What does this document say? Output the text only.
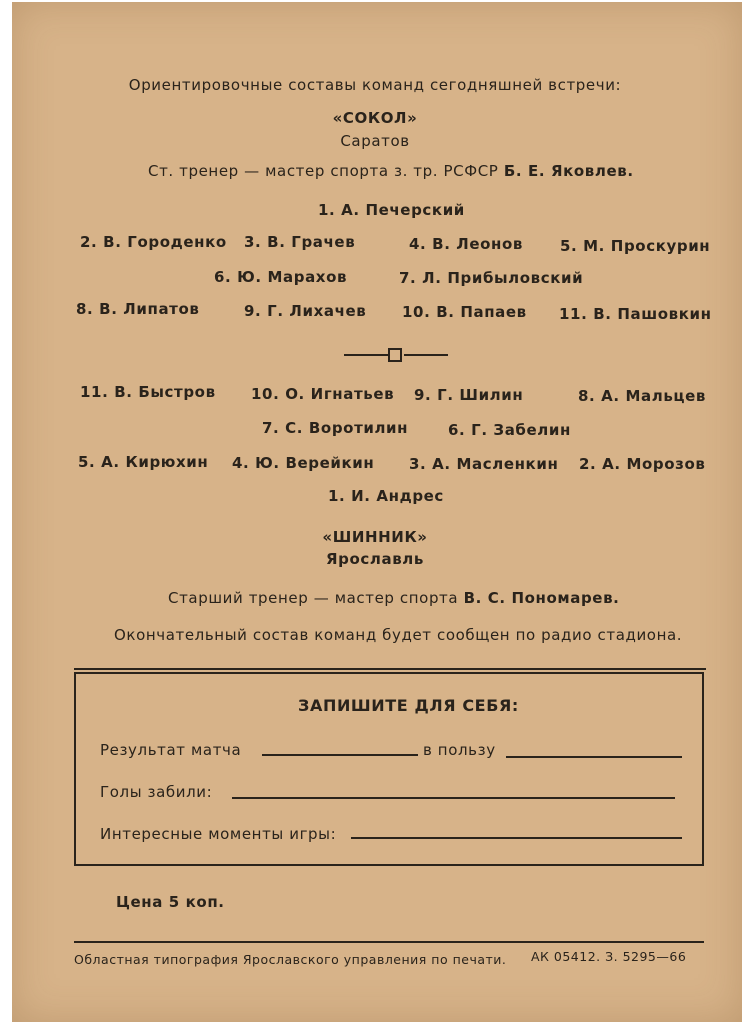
Ориентировочные составы команд сегодняшней встречи:
«СОКОЛ»
Саратов
Ст. тренер — мастер спорта з. тр. РСФСР Б. Е. Яковлев.
1. А. Печерский
2. В. Городенко 3. В. Грачев	4. В. Леонов 5. М. Проскурин
6. Ю. Марахов	7. Л. Прибыловский
8. В. Липатов	9. Г. Лихачев 10. В. Папаев 11. В. Пашовкин
11. В. Быстров 10. О. Игнатьев 9. Г. Шилин	8. А. Мальцев
7. С. Воротилин	6. Г. Забелин
5. А. Кирюхин 4. Ю. Верейкин 3. А. Масленкин 2. А. Морозов
1. И. Андрес
«ШИННИК»
Ярославль
Старший тренер — мастер спорта В. С. Пономарев.
Окончательный состав команд будет сообщен по радио стадиона.
ЗАПИШИТЕ ДЛЯ СЕБЯ:
Результат матча	в пользу
Голы забили:
Интересные моменты игры:
Цена 5 коп.
Областная типография Ярославского управления по печати. АК 05412. З. 5295—66
